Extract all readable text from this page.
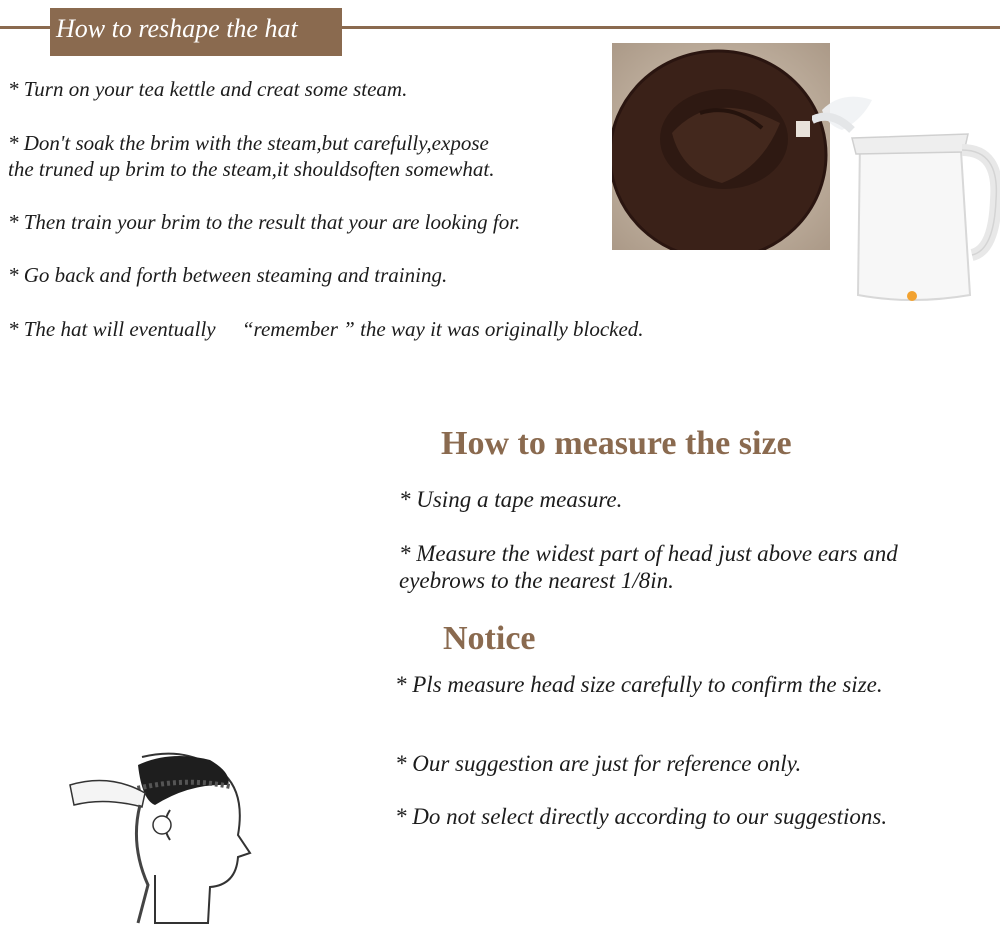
How to reshape the hat

* Turn on your tea kettle and creat some steam.

* Don't soak the brim with the steam,but carefully,expose

the truned up brim to the steam,it shouldsoften somewhat.

* Then train your brim to the result that your are looking for.

* Go back and forth between steaming and training.

* The hat will eventually 　“remember ” the way it was originally blocked.

How to measure the size

* Using a tape measure.

* Measure the widest part of head just above ears and eyebrows to the nearest 1/8in.

Notice

* Pls measure head size carefully to confirm the size.

* Our suggestion are just for reference only.

* Do not select directly according to our suggestions.
